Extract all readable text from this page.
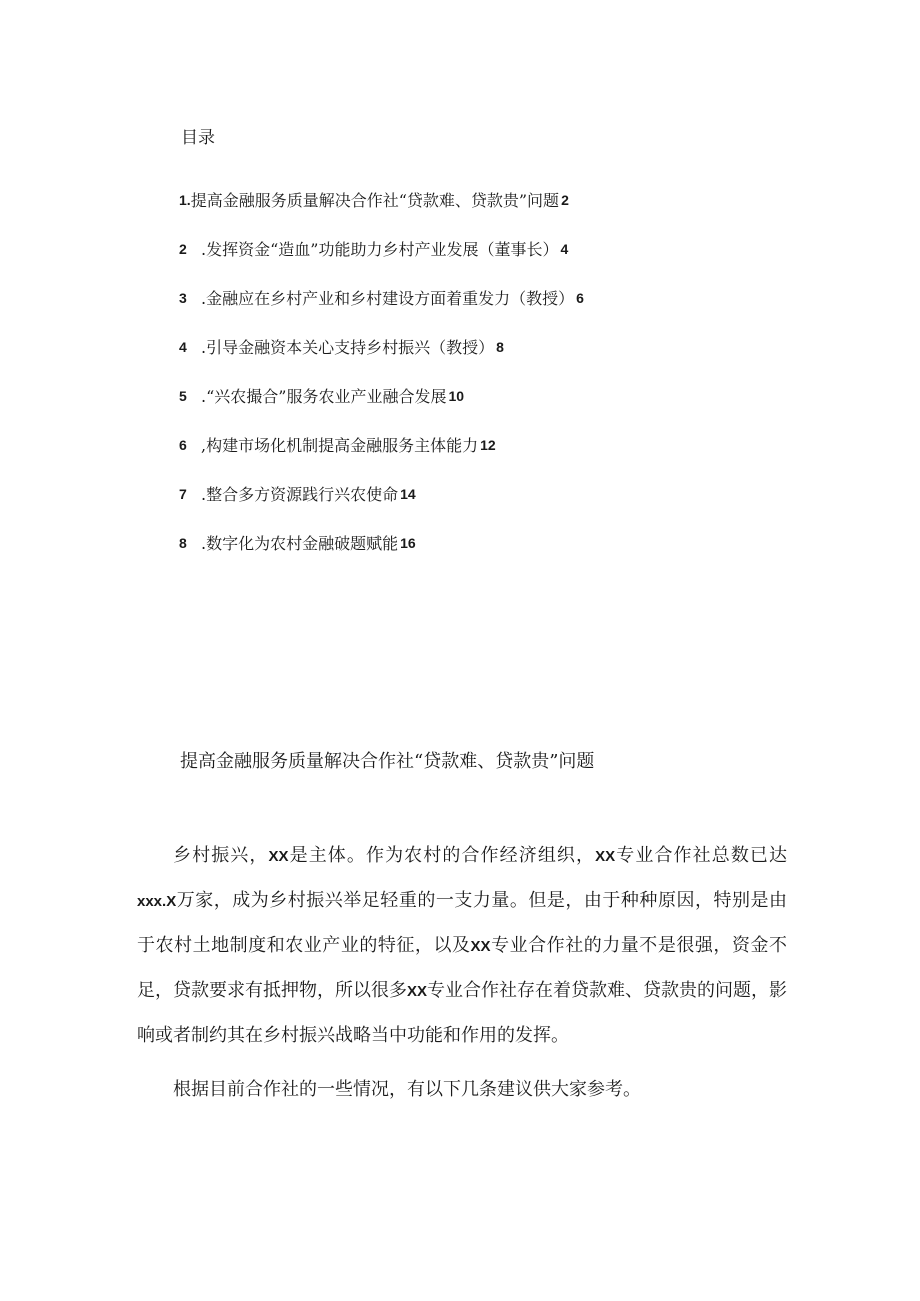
目录
1. 提高金融服务质量解决合作社“贷款难、贷款贵”问题 2
2 .发挥资金“造血”功能助力乡村产业发展（董事长） 4
3 .金融应在乡村产业和乡村建设方面着重发力（教授） 6
4 .引导金融资本关心支持乡村振兴（教授） 8
5 .“兴农撮合”服务农业产业融合发展 10
6 ,构建市场化机制提高金融服务主体能力 12
7 .整合多方资源践行兴农使命 14
8 .数字化为农村金融破题赋能 16
提高金融服务质量解决合作社“贷款难、贷款贵”问题

乡村振兴，XX是主体。作为农村的合作经济组织，XX专业合作社总数已达xxx.X万家，成为乡村振兴举足轻重的一支力量。但是，由于种种原因，特别是由于农村土地制度和农业产业的特征，以及XX专业合作社的力量不是很强，资金不足，贷款要求有抵押物，所以很多XX专业合作社存在着贷款难、贷款贵的问题，影响或者制约其在乡村振兴战略当中功能和作用的发挥。

根据目前合作社的一些情况，有以下几条建议供大家参考。
